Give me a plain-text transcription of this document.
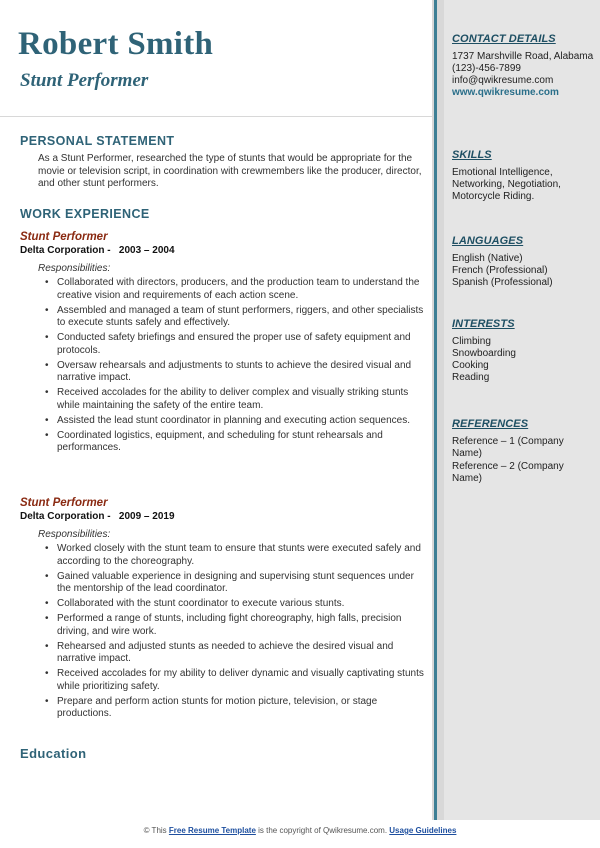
Robert Smith
Stunt Performer
PERSONAL STATEMENT
As a Stunt Performer, researched the type of stunts that would be appropriate for the movie or television script, in coordination with crewmembers like the producer, director, and other stunt performers.
WORK EXPERIENCE
Stunt Performer
Delta Corporation -   2003 – 2004
Responsibilities:
• Collaborated with directors, producers, and the production team to understand the creative vision and requirements of each action scene.
• Assembled and managed a team of stunt performers, riggers, and other specialists to execute stunts safely and effectively.
• Conducted safety briefings and ensured the proper use of safety equipment and protocols.
• Oversaw rehearsals and adjustments to stunts to achieve the desired visual and narrative impact.
• Received accolades for the ability to deliver complex and visually striking stunts while maintaining the safety of the entire team.
• Assisted the lead stunt coordinator in planning and executing action sequences.
• Coordinated logistics, equipment, and scheduling for stunt rehearsals and performances.
Stunt Performer
Delta Corporation -   2009 – 2019
Responsibilities:
• Worked closely with the stunt team to ensure that stunts were executed safely and according to the choreography.
• Gained valuable experience in designing and supervising stunt sequences under the mentorship of the lead coordinator.
• Collaborated with the stunt coordinator to execute various stunts.
• Performed a range of stunts, including fight choreography, high falls, precision driving, and wire work.
• Rehearsed and adjusted stunts as needed to achieve the desired visual and narrative impact.
• Received accolades for my ability to deliver dynamic and visually captivating stunts while prioritizing safety.
• Prepare and perform action stunts for motion picture, television, or stage productions.
Education
CONTACT DETAILS
1737 Marshville Road, Alabama
(123)-456-7899
info@qwikresume.com
www.qwikresume.com
SKILLS
Emotional Intelligence, Networking, Negotiation, Motorcycle Riding.
LANGUAGES
English (Native)
French (Professional)
Spanish (Professional)
INTERESTS
Climbing
Snowboarding
Cooking
Reading
REFERENCES
Reference – 1 (Company Name)
Reference – 2 (Company Name)
© This Free Resume Template is the copyright of Qwikresume.com. Usage Guidelines
